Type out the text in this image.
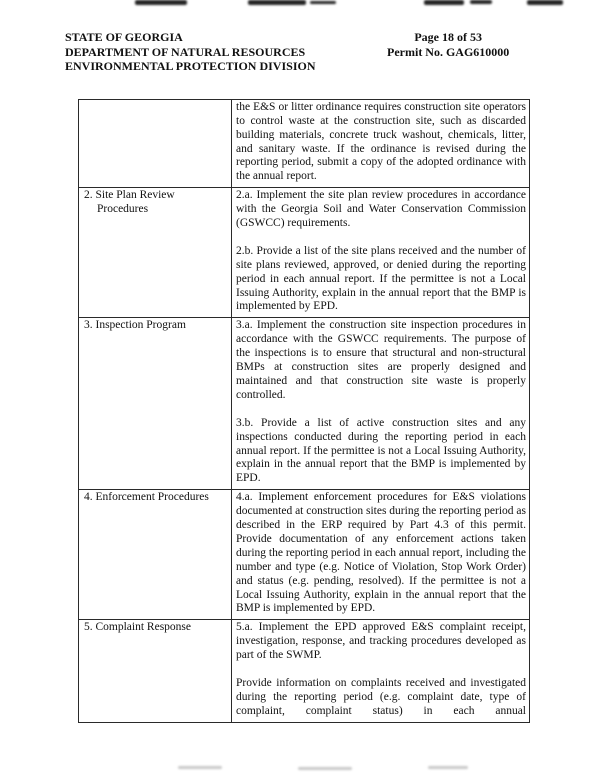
STATE OF GEORGIA
DEPARTMENT OF NATURAL RESOURCES
ENVIRONMENTAL PROTECTION DIVISION
Page 18 of 53
Permit No. GAG610000

	the E&S or litter ordinance requires construction site operators to control waste at the construction site, such as discarded building materials, concrete truck washout, chemicals, litter, and sanitary waste. If the ordinance is revised during the reporting period, submit a copy of the adopted ordinance with the annual report.

2. Site Plan Review Procedures	2.a. Implement the site plan review procedures in accordance with the Georgia Soil and Water Conservation Commission (GSWCC) requirements.

2.b. Provide a list of the site plans received and the number of site plans reviewed, approved, or denied during the reporting period in each annual report. If the permittee is not a Local Issuing Authority, explain in the annual report that the BMP is implemented by EPD.

3. Inspection Program	3.a. Implement the construction site inspection procedures in accordance with the GSWCC requirements. The purpose of the inspections is to ensure that structural and non-structural BMPs at construction sites are properly designed and maintained and that construction site waste is properly controlled.

3.b. Provide a list of active construction sites and any inspections conducted during the reporting period in each annual report. If the permittee is not a Local Issuing Authority, explain in the annual report that the BMP is implemented by EPD.

4. Enforcement Procedures	4.a. Implement enforcement procedures for E&S violations documented at construction sites during the reporting period as described in the ERP required by Part 4.3 of this permit. Provide documentation of any enforcement actions taken during the reporting period in each annual report, including the number and type (e.g. Notice of Violation, Stop Work Order) and status (e.g. pending, resolved). If the permittee is not a Local Issuing Authority, explain in the annual report that the BMP is implemented by EPD.

5. Complaint Response	5.a. Implement the EPD approved E&S complaint receipt, investigation, response, and tracking procedures developed as part of the SWMP.

Provide information on complaints received and investigated during the reporting period (e.g. complaint date, type of complaint, complaint status) in each annual
